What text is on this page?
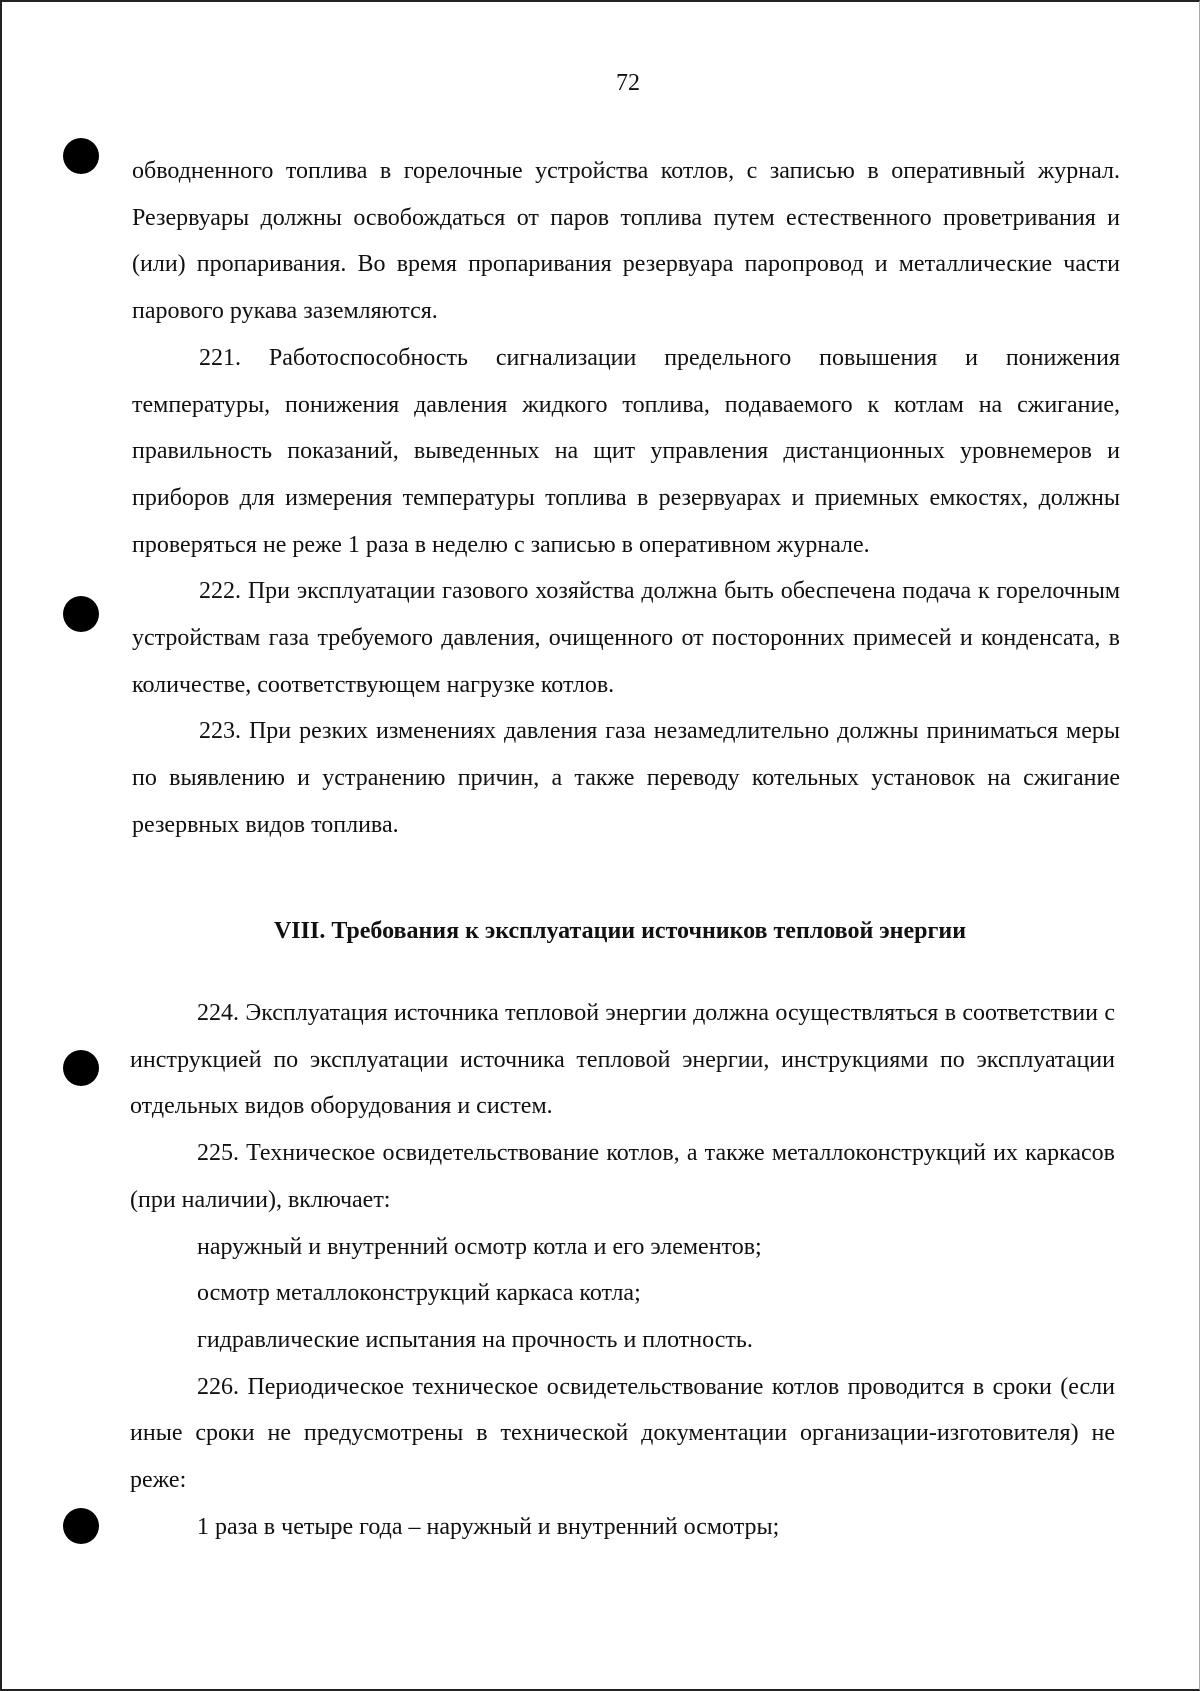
72

обводненного топлива в горелочные устройства котлов, с записью в оперативный журнал. Резервуары должны освобождаться от паров топлива путем естественного проветривания и (или) пропаривания. Во время пропаривания резервуара паропровод и металлические части парового рукава заземляются.

221. Работоспособность сигнализации предельного повышения и понижения температуры, понижения давления жидкого топлива, подаваемого к котлам на сжигание, правильность показаний, выведенных на щит управления дистанционных уровнемеров и приборов для измерения температуры топлива в резервуарах и приемных емкостях, должны проверяться не реже 1 раза в неделю с записью в оперативном журнале.

222. При эксплуатации газового хозяйства должна быть обеспечена подача к горелочным устройствам газа требуемого давления, очищенного от посторонних примесей и конденсата, в количестве, соответствующем нагрузке котлов.

223. При резких изменениях давления газа незамедлительно должны приниматься меры по выявлению и устранению причин, а также переводу котельных установок на сжигание резервных видов топлива.

VIII. Требования к эксплуатации источников тепловой энергии

224. Эксплуатация источника тепловой энергии должна осуществляться в соответствии с инструкцией по эксплуатации источника тепловой энергии, инструкциями по эксплуатации отдельных видов оборудования и систем.

225. Техническое освидетельствование котлов, а также металлоконструкций их каркасов (при наличии), включает:

наружный и внутренний осмотр котла и его элементов;

осмотр металлоконструкций каркаса котла;

гидравлические испытания на прочность и плотность.

226. Периодическое техническое освидетельствование котлов проводится в сроки (если иные сроки не предусмотрены в технической документации организации-изготовителя) не реже:

1 раза в четыре года – наружный и внутренний осмотры;
